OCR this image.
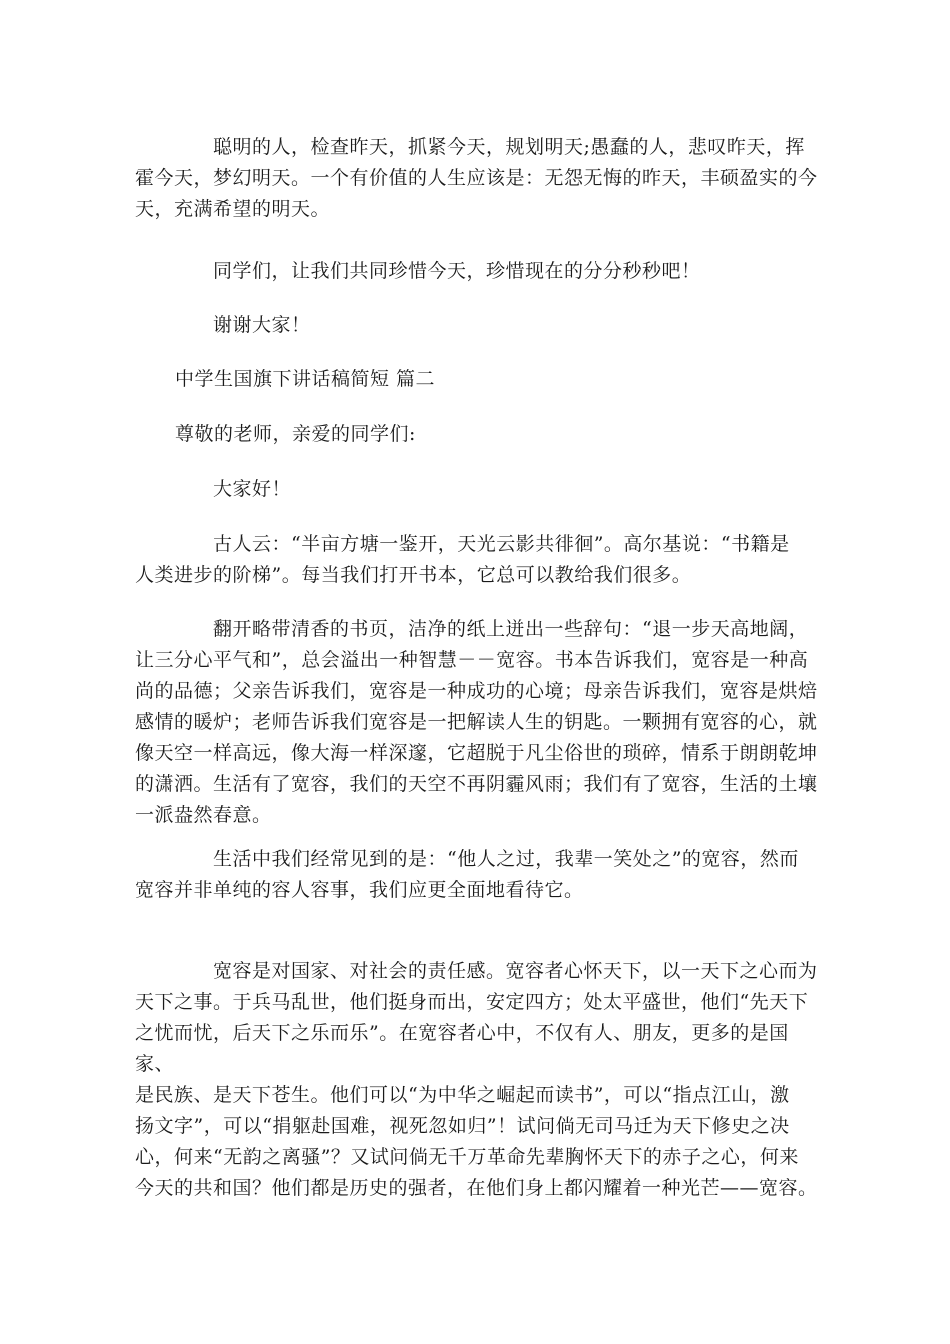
聪明的人，检查昨天，抓紧今天，规划明天;愚蠢的人，悲叹昨天，挥
霍今天，梦幻明天。一个有价值的人生应该是：无怨无悔的昨天，丰硕盈实的今
天，充满希望的明天。

同学们，让我们共同珍惜今天，珍惜现在的分分秒秒吧！

谢谢大家！

中学生国旗下讲话稿简短 篇二

尊敬的老师，亲爱的同学们:

大家好！

古人云：“半亩方塘一鉴开，天光云影共徘徊”。高尔基说：“书籍是
人类进步的阶梯”。每当我们打开书本，它总可以教给我们很多。

翻开略带清香的书页，洁净的纸上迸出一些辞句：“退一步天高地阔，
让三分心平气和”，总会溢出一种智慧－－宽容。书本告诉我们，宽容是一种高
尚的品德；父亲告诉我们，宽容是一种成功的心境；母亲告诉我们，宽容是烘焙
感情的暖炉；老师告诉我们宽容是一把解读人生的钥匙。一颗拥有宽容的心，就
像天空一样高远，像大海一样深邃，它超脱于凡尘俗世的琐碎，情系于朗朗乾坤
的潇洒。生活有了宽容，我们的天空不再阴霾风雨；我们有了宽容，生活的土壤
一派盎然春意。

生活中我们经常见到的是：“他人之过，我辈一笑处之”的宽容，然而
宽容并非单纯的容人容事，我们应更全面地看待它。

宽容是对国家、对社会的责任感。宽容者心怀天下，以一天下之心而为
天下之事。于兵马乱世，他们挺身而出，安定四方；处太平盛世，他们“先天下
之忧而忧，后天下之乐而乐”。在宽容者心中，不仅有人、朋友，更多的是国家、
是民族、是天下苍生。他们可以“为中华之崛起而读书”，可以“指点江山，激
扬文字”，可以“捐躯赴国难，视死忽如归”！试问倘无司马迁为天下修史之决
心，何来“无韵之离骚”？又试问倘无千万革命先辈胸怀天下的赤子之心，何来
今天的共和国？他们都是历史的强者，在他们身上都闪耀着一种光芒——宽容。
